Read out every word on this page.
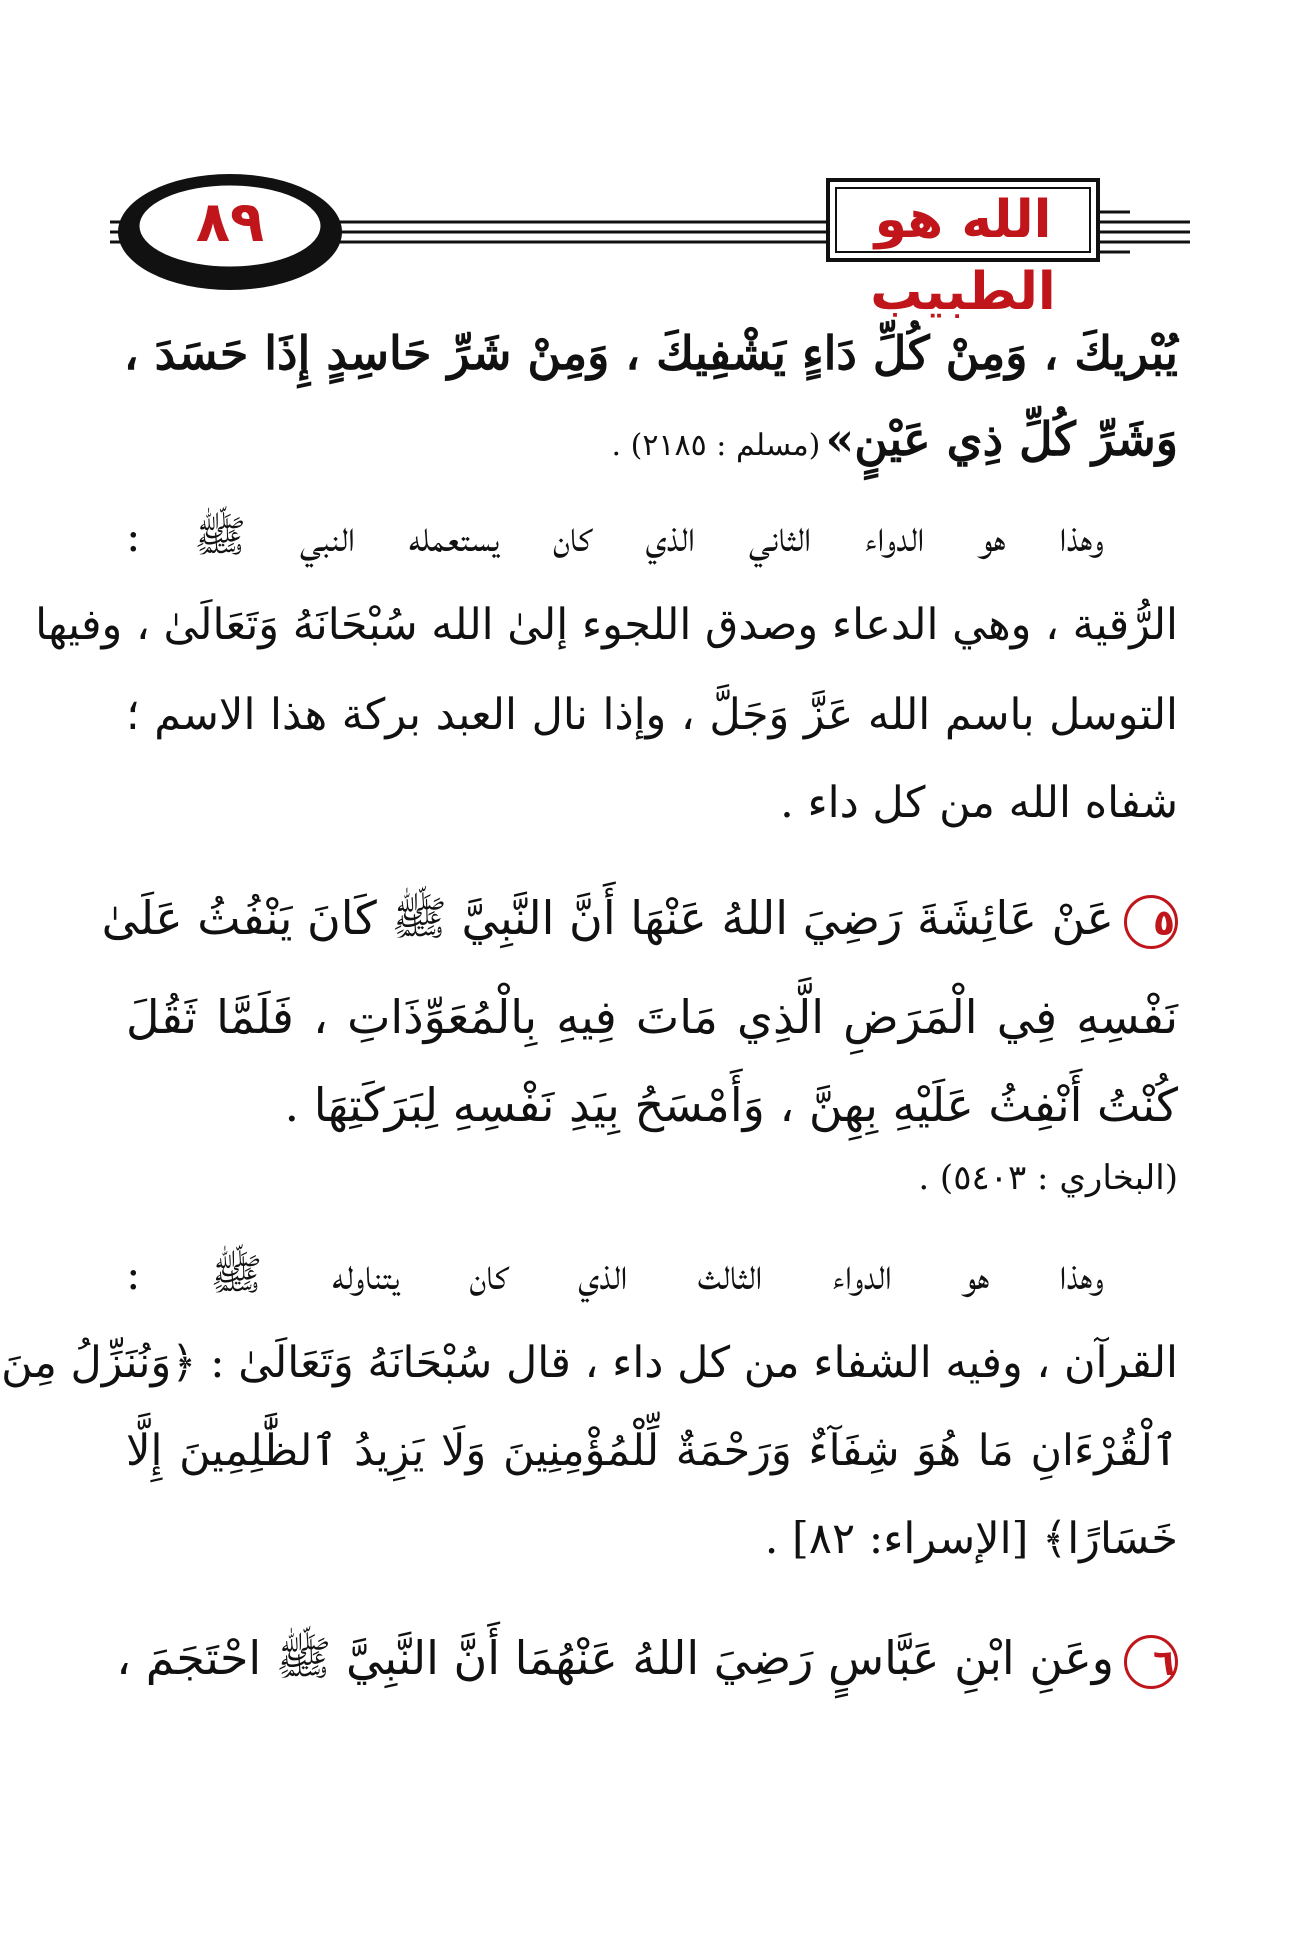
٨٩	الله هو الطبيب
يُبْريكَ ، وَمِنْ كُلِّ دَاءٍ يَشْفِيكَ ، وَمِنْ شَرِّ حَاسِدٍ إِذَا حَسَدَ ،
وَشَرِّ كُلِّ ذِي عَيْنٍ» (مسلم : ٢١٨٥) .
وهذا هو الدواء الثاني الذي كان يستعمله النبي ﷺ :
الرُّقية ، وهي الدعاء وصدق اللجوء إلىٰ الله سُبْحَانَهُ وَتَعَالَىٰ ، وفيها
التوسل باسم الله عَزَّ وَجَلَّ ، وإذا نال العبد بركة هذا الاسم ؛
شفاه الله من كل داء .
٥عَنْ عَائِشَةَ رَضِيَ اللهُ عَنْهَا أَنَّ النَّبِيَّ ﷺ كَانَ يَنْفُثُ عَلَىٰ
نَفْسِهِ فِي الْمَرَضِ الَّذِي مَاتَ فِيهِ بِالْمُعَوِّذَاتِ ، فَلَمَّا ثَقُلَ
كُنْتُ أَنْفِثُ عَلَيْهِ بِهِنَّ ، وَأَمْسَحُ بِيَدِ نَفْسِهِ لِبَرَكَتِهَا .
(البخاري : ٥٤٠٣) .
وهذا هو الدواء الثالث الذي كان يتناوله ﷺ :
القرآن ، وفيه الشفاء من كل داء ، قال سُبْحَانَهُ وَتَعَالَىٰ : ﴿وَنُنَزِّلُ مِنَ
ٱلْقُرْءَانِ مَا هُوَ شِفَآءٌ وَرَحْمَةٌ لِّلْمُؤْمِنِينَ وَلَا يَزِيدُ ٱلظَّٰلِمِينَ إِلَّا
خَسَارًا﴾ [الإسراء: ٨٢] .
٦وعَنِ ابْنِ عَبَّاسٍ رَضِيَ اللهُ عَنْهُمَا أَنَّ النَّبِيَّ ﷺ احْتَجَمَ ،
